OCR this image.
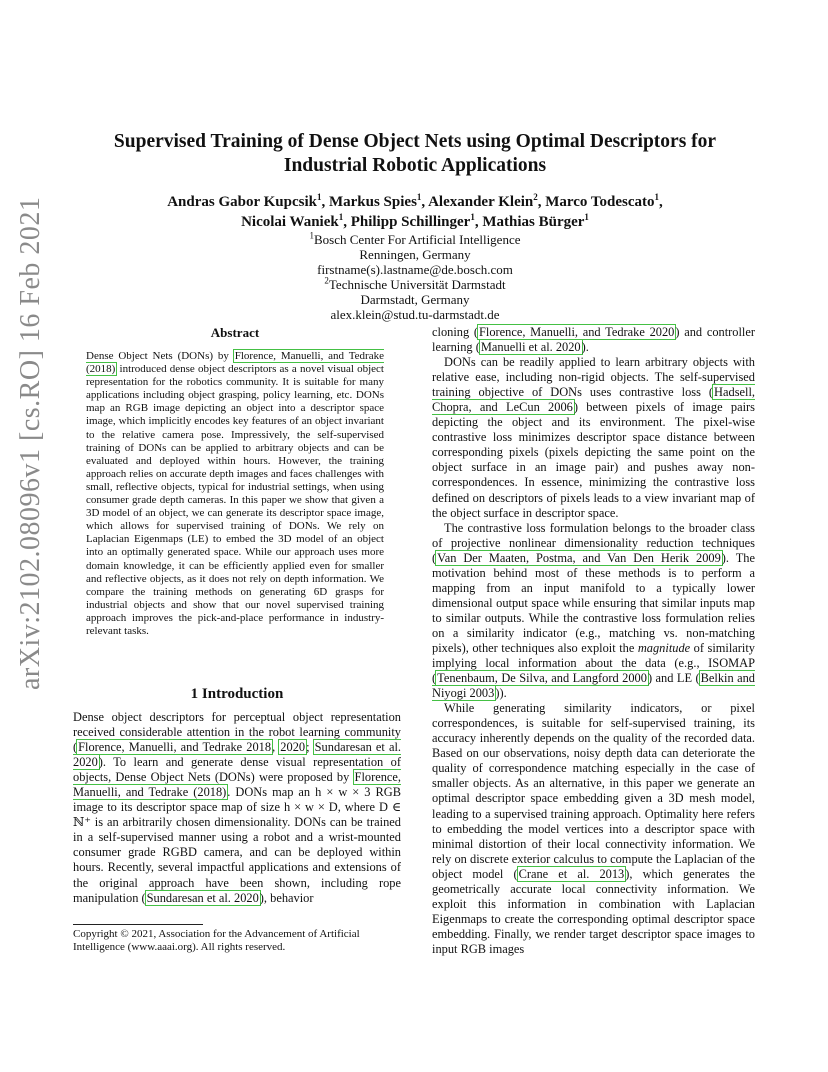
arXiv:2102.08096v1 [cs.RO] 16 Feb 2021
Supervised Training of Dense Object Nets using Optimal Descriptors for
Industrial Robotic Applications
Andras Gabor Kupcsik$^1$, Markus Spies$^1$, Alexander Klein$^2$, Marco Todescato$^1$,
Nicolai Waniek$^1$, Philipp Schillinger$^1$, Mathias Bürger$^1$
$^1$Bosch Center For Artificial Intelligence
Renningen, Germany
firstname(s).lastname@de.bosch.com
$^2$Technische Universität Darmstadt
Darmstadt, Germany
alex.klein@stud.tu-darmstadt.de
Abstract
Dense Object Nets (DONs) by Florence, Manuelli, and Tedrake (2018) introduced dense object descriptors as a novel visual object representation for the robotics community. It is suitable for many applications including object grasping, policy learning, etc. DONs map an RGB image depicting an object into a descriptor space image, which implicitly encodes key features of an object invariant to the relative camera pose. Impressively, the self-supervised training of DONs can be applied to arbitrary objects and can be evaluated and deployed within hours. However, the training approach relies on accurate depth images and faces challenges with small, reflective objects, typical for industrial settings, when using consumer grade depth cameras. In this paper we show that given a 3D model of an object, we can generate its descriptor space image, which allows for supervised training of DONs. We rely on Laplacian Eigenmaps (LE) to embed the 3D model of an object into an optimally generated space. While our approach uses more domain knowledge, it can be efficiently applied even for smaller and reflective objects, as it does not rely on depth information. We compare the training methods on generating 6D grasps for industrial objects and show that our novel supervised training approach improves the pick-and-place performance in industry-relevant tasks.
1 Introduction

Dense object descriptors for perceptual object representation received considerable attention in the robot learning community (Florence, Manuelli, and Tedrake 2018, 2020; Sundaresan et al. 2020). To learn and generate dense visual representation of objects, Dense Object Nets (DONs) were proposed by Florence, Manuelli, and Tedrake (2018). DONs map an h × w × 3 RGB image to its descriptor space map of size h × w × D, where D ∈ ℕ⁺ is an arbitrarily chosen dimensionality. DONs can be trained in a self-supervised manner using a robot and a wrist-mounted consumer grade RGBD camera, and can be deployed within hours. Recently, several impactful applications and extensions of the original approach have been shown, including rope manipulation (Sundaresan et al. 2020), behavior

Copyright © 2021, Association for the Advancement of Artificial Intelligence (www.aaai.org). All rights reserved.

cloning (Florence, Manuelli, and Tedrake 2020) and controller learning (Manuelli et al. 2020).

DONs can be readily applied to learn arbitrary objects with relative ease, including non-rigid objects. The self-supervised training objective of DONs uses contrastive loss (Hadsell, Chopra, and LeCun 2006) between pixels of image pairs depicting the object and its environment. The pixel-wise contrastive loss minimizes descriptor space distance between corresponding pixels (pixels depicting the same point on the object surface in an image pair) and pushes away non-correspondences. In essence, minimizing the contrastive loss defined on descriptors of pixels leads to a view invariant map of the object surface in descriptor space.

The contrastive loss formulation belongs to the broader class of projective nonlinear dimensionality reduction techniques (Van Der Maaten, Postma, and Van Den Herik 2009). The motivation behind most of these methods is to perform a mapping from an input manifold to a typically lower dimensional output space while ensuring that similar inputs map to similar outputs. While the contrastive loss formulation relies on a similarity indicator (e.g., matching vs. non-matching pixels), other techniques also exploit the magnitude of similarity implying local information about the data (e.g., ISOMAP (Tenenbaum, De Silva, and Langford 2000) and LE (Belkin and Niyogi 2003)).

While generating similarity indicators, or pixel correspondences, is suitable for self-supervised training, its accuracy inherently depends on the quality of the recorded data. Based on our observations, noisy depth data can deteriorate the quality of correspondence matching especially in the case of smaller objects. As an alternative, in this paper we generate an optimal descriptor space embedding given a 3D mesh model, leading to a supervised training approach. Optimality here refers to embedding the model vertices into a descriptor space with minimal distortion of their local connectivity information. We rely on discrete exterior calculus to compute the Laplacian of the object model (Crane et al. 2013), which generates the geometrically accurate local connectivity information. We exploit this information in combination with Laplacian Eigenmaps to create the corresponding optimal descriptor space embedding. Finally, we render target descriptor space images to input RGB images
